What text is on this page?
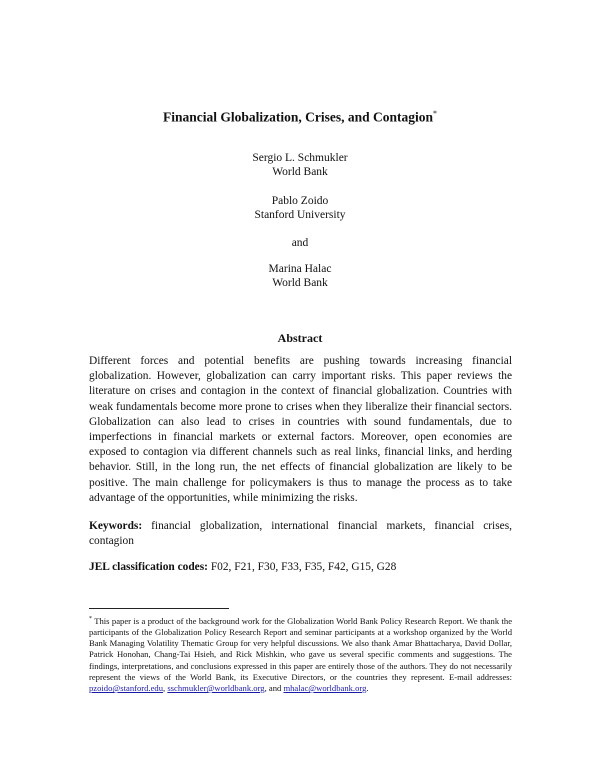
Financial Globalization, Crises, and Contagion*
Sergio L. Schmukler
World Bank
Pablo Zoido
Stanford University
and
Marina Halac
World Bank
Abstract

Different forces and potential benefits are pushing towards increasing financial globalization. However, globalization can carry important risks. This paper reviews the literature on crises and contagion in the context of financial globalization. Countries with weak fundamentals become more prone to crises when they liberalize their financial sectors. Globalization can also lead to crises in countries with sound fundamentals, due to imperfections in financial markets or external factors. Moreover, open economies are exposed to contagion via different channels such as real links, financial links, and herding behavior. Still, in the long run, the net effects of financial globalization are likely to be positive. The main challenge for policymakers is thus to manage the process as to take advantage of the opportunities, while minimizing the risks.

Keywords: financial globalization, international financial markets, financial crises, contagion

JEL classification codes: F02, F21, F30, F33, F35, F42, G15, G28

* This paper is a product of the background work for the Globalization World Bank Policy Research Report. We thank the participants of the Globalization Policy Research Report and seminar participants at a workshop organized by the World Bank Managing Volatility Thematic Group for very helpful discussions. We also thank Amar Bhattacharya, David Dollar, Patrick Honohan, Chang-Tai Hsieh, and Rick Mishkin, who gave us several specific comments and suggestions. The findings, interpretations, and conclusions expressed in this paper are entirely those of the authors. They do not necessarily represent the views of the World Bank, its Executive Directors, or the countries they represent. E-mail addresses: pzoido@stanford.edu, sschmukler@worldbank.org, and mhalac@worldbank.org.
